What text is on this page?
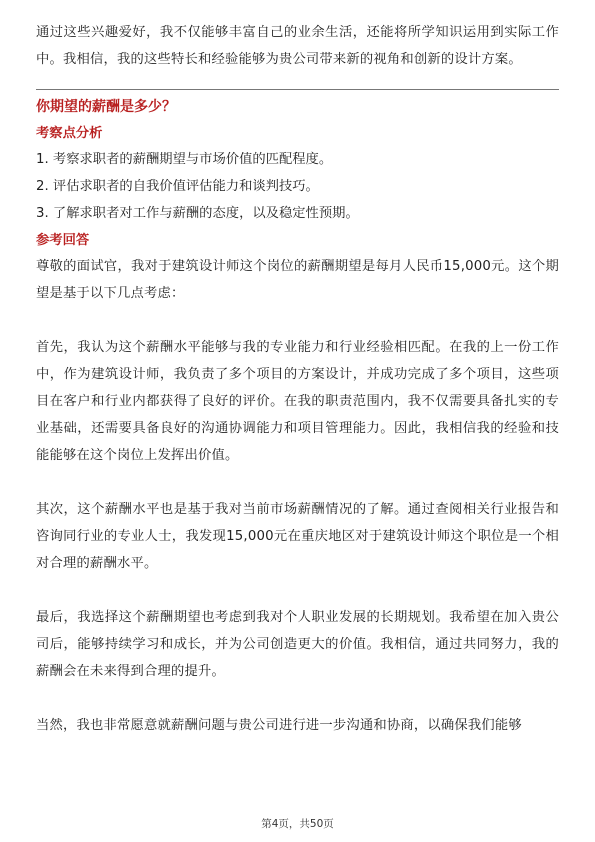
通过这些兴趣爱好，我不仅能够丰富自己的业余生活，还能将所学知识运用到实际工作中。我相信，我的这些特长和经验能够为贵公司带来新的视角和创新的设计方案。

你期望的薪酬是多少？
考察点分析
1. 考察求职者的薪酬期望与市场价值的匹配程度。
2. 评估求职者的自我价值评估能力和谈判技巧。
3. 了解求职者对工作与薪酬的态度，以及稳定性预期。
参考回答

尊敬的面试官，我对于建筑设计师这个岗位的薪酬期望是每月人民币15,000元。这个期望是基于以下几点考虑：

首先，我认为这个薪酬水平能够与我的专业能力和行业经验相匹配。在我的上一份工作中，作为建筑设计师，我负责了多个项目的方案设计，并成功完成了多个项目，这些项目在客户和行业内都获得了良好的评价。在我的职责范围内，我不仅需要具备扎实的专业基础，还需要具备良好的沟通协调能力和项目管理能力。因此，我相信我的经验和技能能够在这个岗位上发挥出价值。

其次，这个薪酬水平也是基于我对当前市场薪酬情况的了解。通过查阅相关行业报告和咨询同行业的专业人士，我发现15,000元在重庆地区对于建筑设计师这个职位是一个相对合理的薪酬水平。

最后，我选择这个薪酬期望也考虑到我对个人职业发展的长期规划。我希望在加入贵公司后，能够持续学习和成长，并为公司创造更大的价值。我相信，通过共同努力，我的薪酬会在未来得到合理的提升。

当然，我也非常愿意就薪酬问题与贵公司进行进一步沟通和协商，以确保我们能够

第4页，共50页
